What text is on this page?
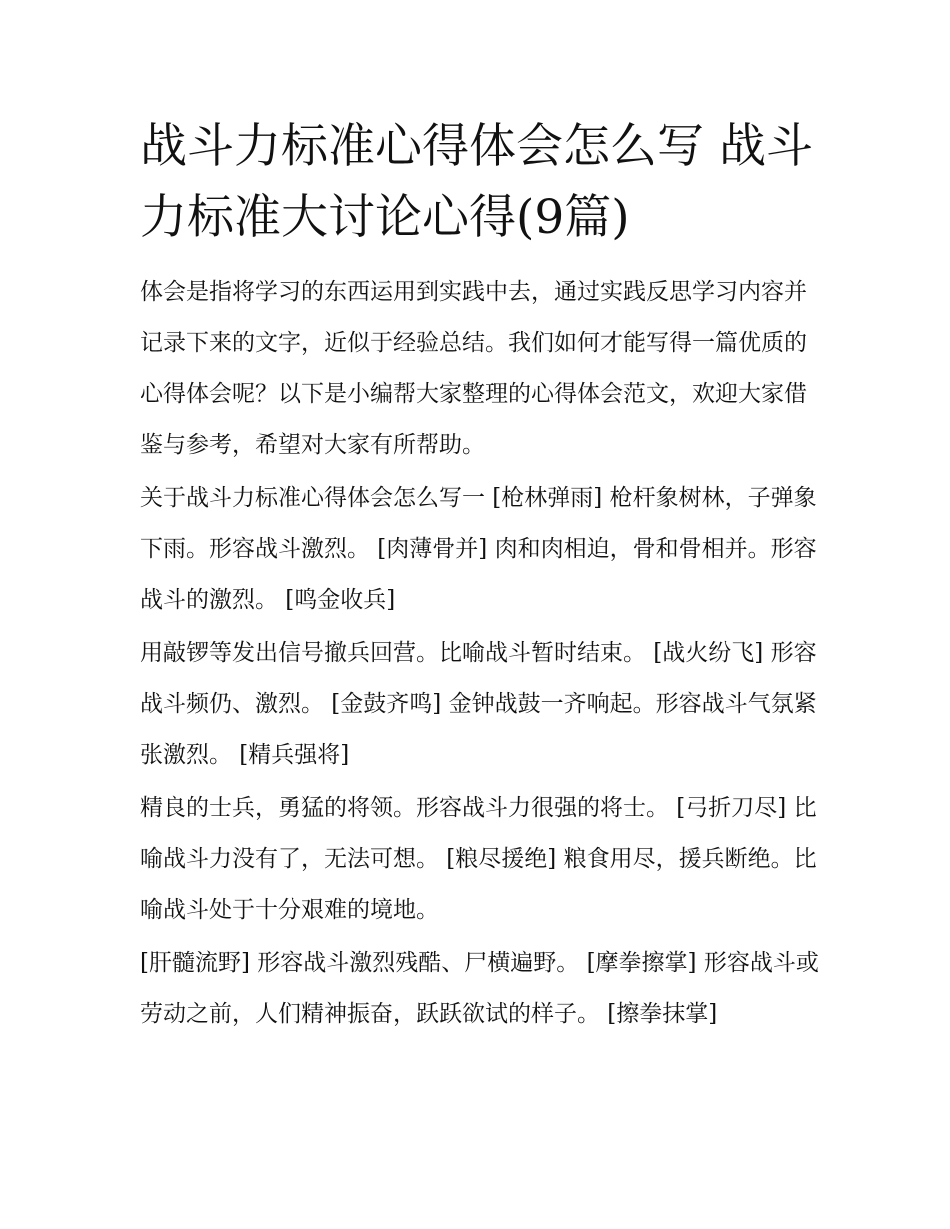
战斗力标准心得体会怎么写 战斗力标准大讨论心得(9篇)

体会是指将学习的东西运用到实践中去，通过实践反思学习内容并记录下来的文字，近似于经验总结。我们如何才能写得一篇优质的心得体会呢？以下是小编帮大家整理的心得体会范文，欢迎大家借鉴与参考，希望对大家有所帮助。

关于战斗力标准心得体会怎么写一 [枪林弹雨] 枪杆象树林，子弹象下雨。形容战斗激烈。 [肉薄骨并] 肉和肉相迫，骨和骨相并。形容战斗的激烈。 [鸣金收兵]

用敲锣等发出信号撤兵回营。比喻战斗暂时结束。 [战火纷飞] 形容战斗频仍、激烈。 [金鼓齐鸣] 金钟战鼓一齐响起。形容战斗气氛紧张激烈。 [精兵强将]

精良的士兵，勇猛的将领。形容战斗力很强的将士。 [弓折刀尽] 比喻战斗力没有了，无法可想。 [粮尽援绝] 粮食用尽，援兵断绝。比喻战斗处于十分艰难的境地。

[肝髓流野] 形容战斗激烈残酷、尸横遍野。 [摩拳擦掌] 形容战斗或劳动之前，人们精神振奋，跃跃欲试的样子。 [擦拳抹掌]
